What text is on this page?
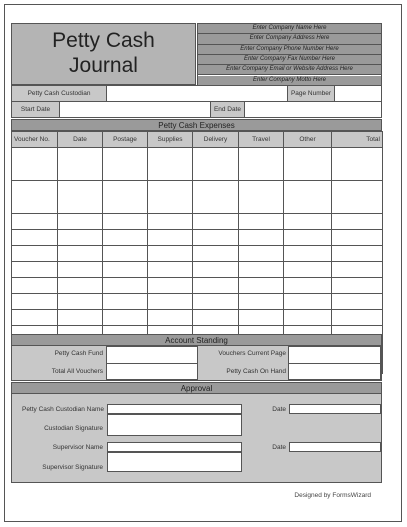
Petty Cash
Journal
Enter Company Name Here
Enter Company Address Here
Enter Company Phone Number Here
Enter Company Fax Number Here
Enter Company Email or Website Address Here
Enter Company Motto Here
Petty Cash Custodian	Page Number
Start Date	End Date
Petty Cash Expenses
Voucher No.	Date	Postage	Supplies	Delivery	Travel	Other	Total

Account Standing
Petty Cash Fund	Vouchers Current Page
Total All Vouchers	Petty Cash On Hand
Approval
Petty Cash Custodian Name
Custodian Signature
Date
Supervisor Name
Supervisor Signature
Date
Designed by FormsWizard
